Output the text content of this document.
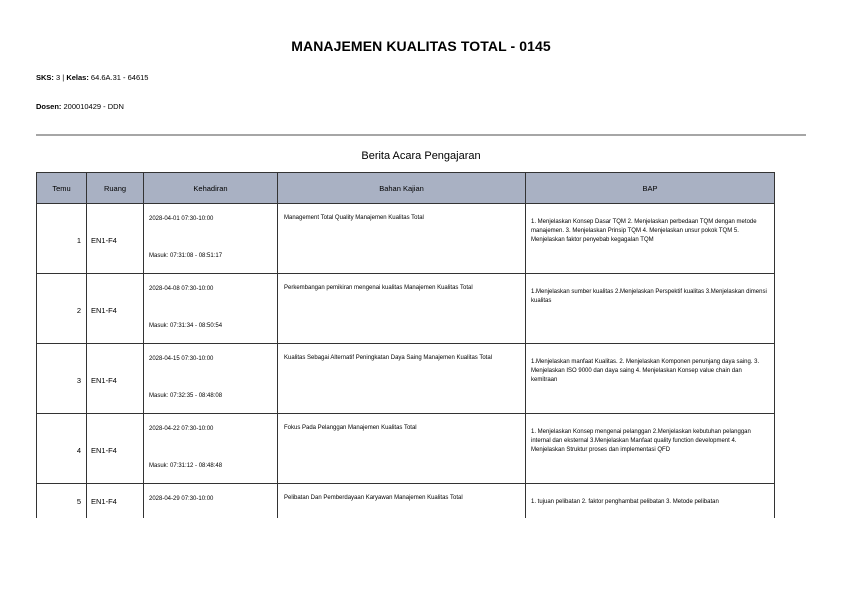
MANAJEMEN KUALITAS TOTAL - 0145
SKS: 3 | Kelas: 64.6A.31 - 64615
Dosen: 200010429 - DDN
Berita Acara Pengajaran
Temu	Ruang	Kehadiran	Bahan Kajian	BAP

1	EN1-F4	2028-04-01 07:30-10:00
Masuk: 07:31:08 - 08:51:17	Management Total Quality Manajemen Kualitas Total	1. Menjelaskan Konsep Dasar TQM 2. Menjelaskan perbedaan TQM dengan metode manajemen. 3. Menjelaskan Prinsip TQM 4. Menjelaskan unsur pokok TQM 5. Menjelaskan faktor penyebab kegagalan TQM

2	EN1-F4	2028-04-08 07:30-10:00
Masuk: 07:31:34 - 08:50:54	Perkembangan pemikiran mengenai kualitas Manajemen Kualitas Total	1.Menjelaskan sumber kualitas 2.Menjelaskan Perspektif kualitas 3.Menjelaskan dimensi kualitas

3	EN1-F4	2028-04-15 07:30-10:00
Masuk: 07:32:35 - 08:48:08	Kualitas Sebagai Alternatif Peningkatan Daya Saing Manajemen Kualitas Total	1.Menjelaskan manfaat Kualitas. 2. Menjelaskan Komponen penunjang daya saing. 3. Menjelaskan ISO 9000 dan daya saing 4. Menjelaskan Konsep value chain dan kemitraan

4	EN1-F4	2028-04-22 07:30-10:00
Masuk: 07:31:12 - 08:48:48	Fokus Pada Pelanggan Manajemen Kualitas Total	1. Menjelaskan Konsep mengenai pelanggan 2.Menjelaskan kebutuhan pelanggan internal dan eksternal 3.Menjelaskan Manfaat quality function development 4. Menjelaskan Struktur proses dan implementasi QFD

5	EN1-F4	2028-04-29 07:30-10:00	Pelibatan Dan Pemberdayaan Karyawan Manajemen Kualitas Total	1. tujuan pelibatan 2. faktor penghambat pelibatan 3. Metode pelibatan
